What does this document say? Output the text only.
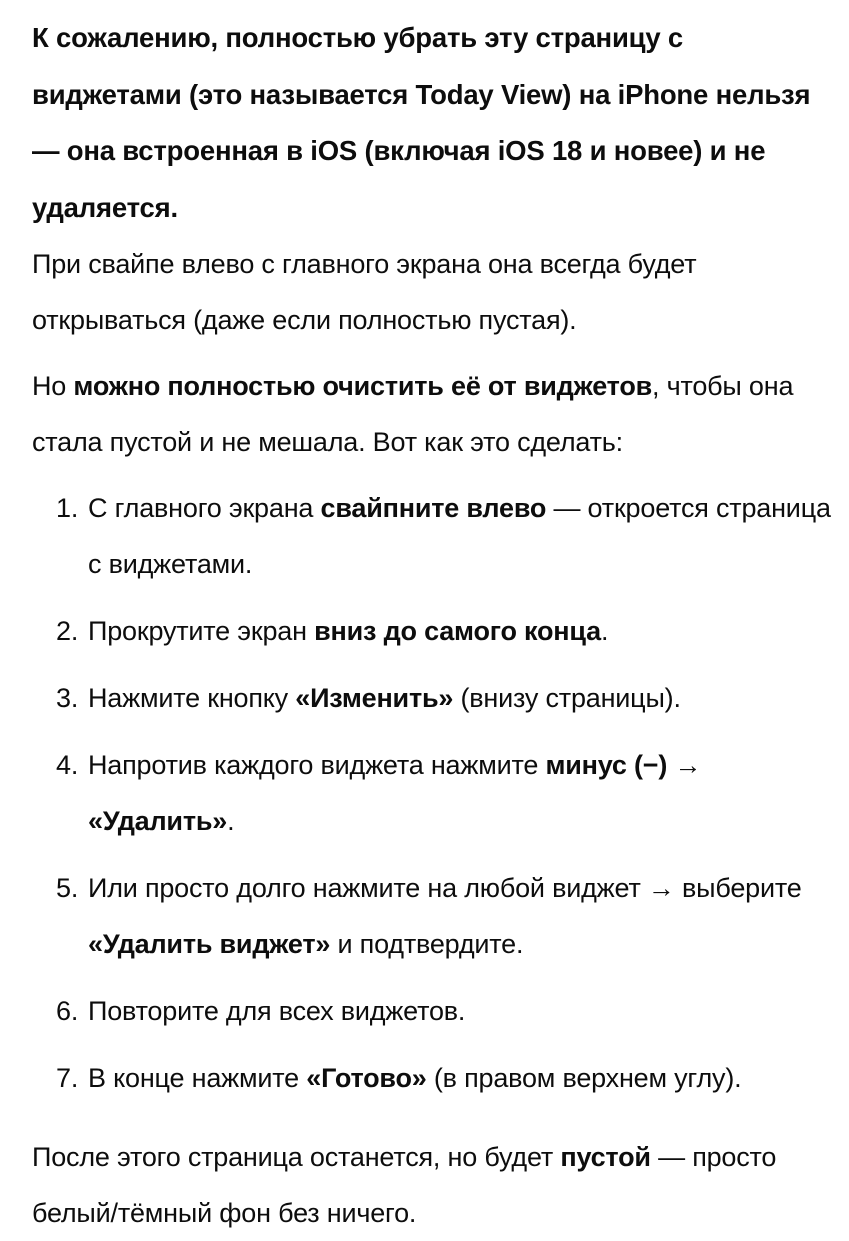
К сожалению, полностью убрать эту страницу с виджетами (это называется Today View) на iPhone нельзя — она встроенная в iOS (включая iOS 18 и новее) и не удаляется.

При свайпе влево с главного экрана она всегда будет открываться (даже если полностью пустая).

Но можно полностью очистить её от виджетов, чтобы она стала пустой и не мешала. Вот как это сделать:

1. С главного экрана свайпните влево — откроется страница с виджетами.
2. Прокрутите экран вниз до самого конца.
3. Нажмите кнопку «Изменить» (внизу страницы).
4. Напротив каждого виджета нажмите минус (−) → «Удалить».
5. Или просто долго нажмите на любой виджет → выберите «Удалить виджет» и подтвердите.
6. Повторите для всех виджетов.
7. В конце нажмите «Готово» (в правом верхнем углу).

После этого страница останется, но будет пустой — просто белый/тёмный фон без ничего.
